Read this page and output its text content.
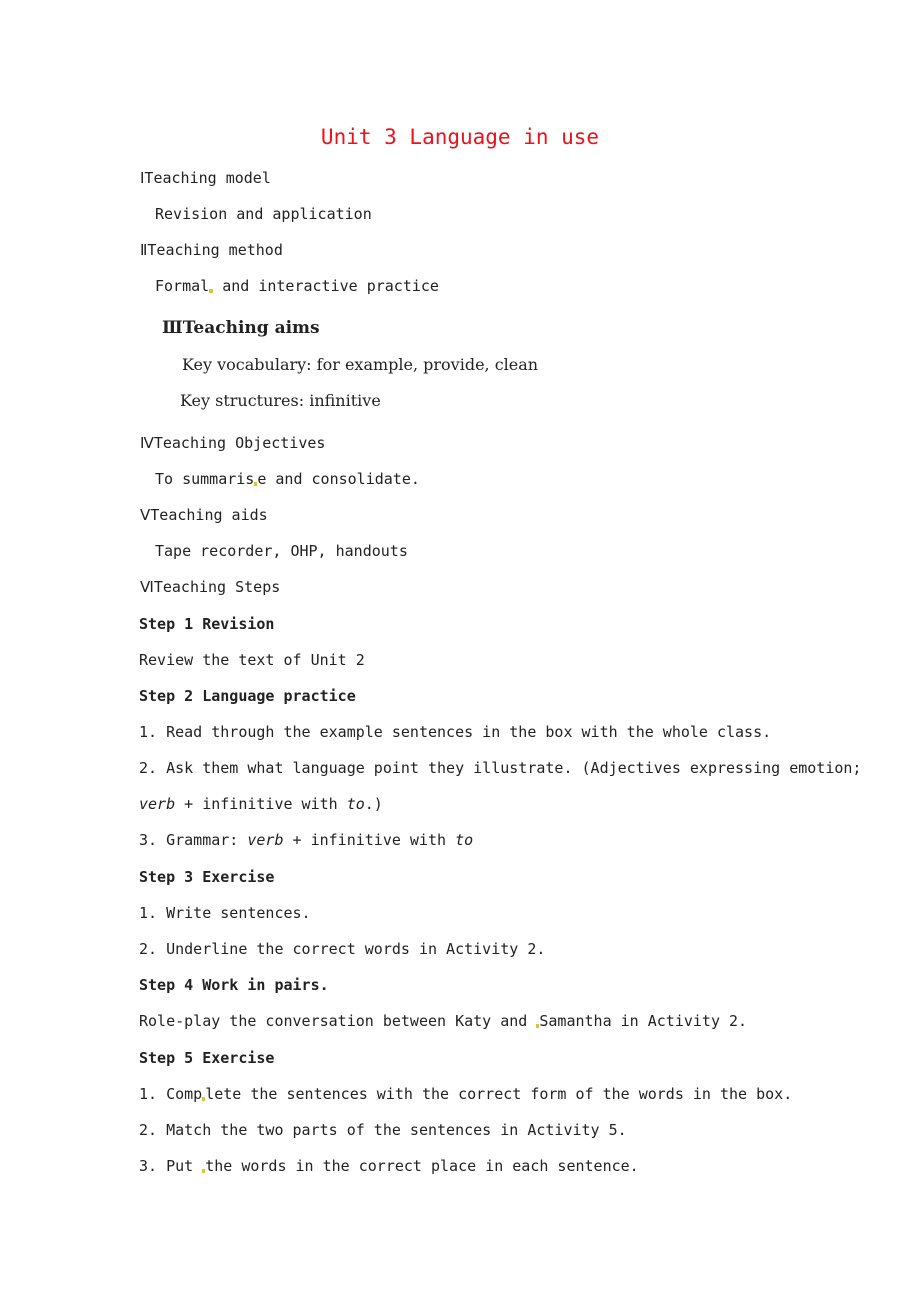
Unit 3 Language in use
ⅠTeaching model
Revision and application
ⅡTeaching method
Formal and interactive practice
ⅢTeaching aims
Key vocabulary: for example, provide, clean
Key structures: infinitive
ⅣTeaching Objectives
To summaris e and consolidate.
ⅤTeaching aids
Tape recorder, OHP, handouts
ⅥTeaching Steps
Step 1 Revision
Review the text of Unit 2
Step 2 Language practice
1. Read through the example sentences in the box with the whole class.
2. Ask them what language point they illustrate. (Adjectives expressing emotion;
verb + infinitive with to.)
3. Grammar: verb + infinitive with to
Step 3 Exercise
1. Write sentences.
2. Underline the correct words in Activity 2.
Step 4 Work in pairs.
Role-play the conversation between Katy and Samantha in Activity 2.
Step 5 Exercise
1. Comp lete the sentences with the correct form of the words in the box.
2. Match the two parts of the sentences in Activity 5.
3. Put the words in the correct place in each sentence.
